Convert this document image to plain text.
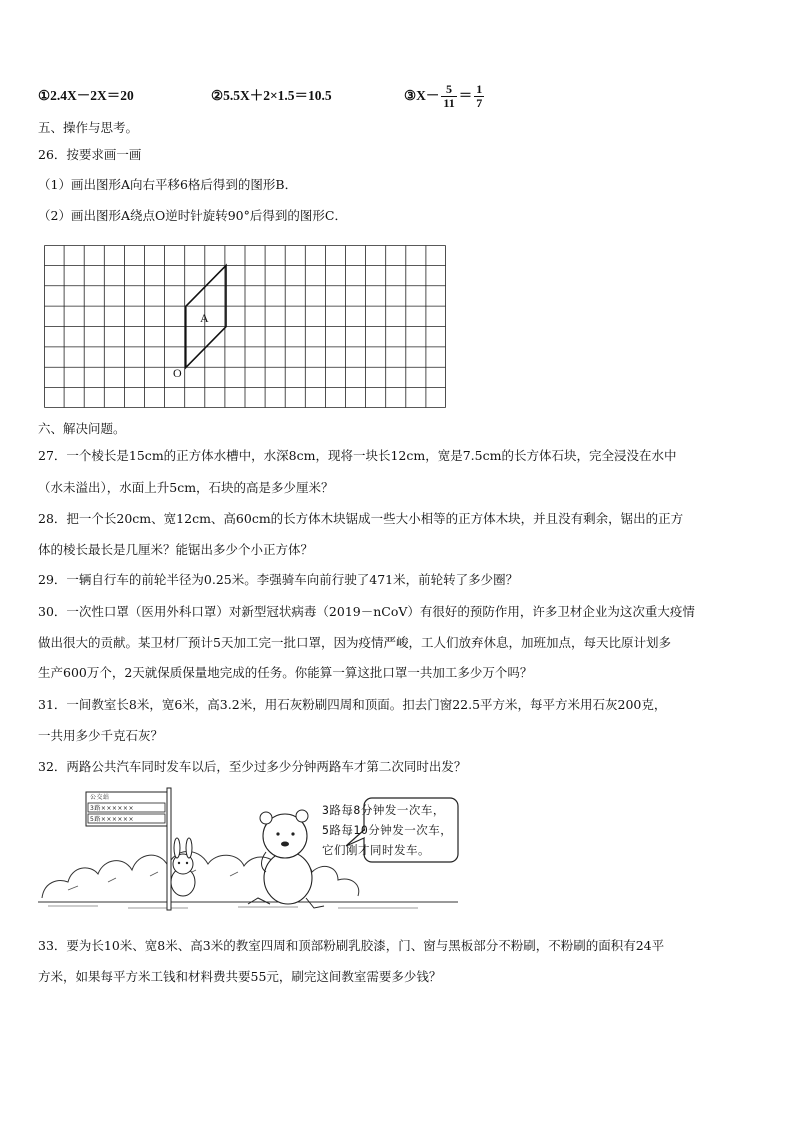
①2.4X－2X＝20	②5.5X＋2×1.5＝10.5	③X－ $\frac{5}{11} = \frac{1}{7}$
五、操作与思考。
26．按要求画一画
（1）画出图形A向右平移6格后得到的图形B．
（2）画出图形A绕点O逆时针旋转90°后得到的图形C．
A
O
六、解决问题。
27．一个棱长是15cm的正方体水槽中，水深8cm，现将一块长12cm，宽是7.5cm的长方体石块，完全浸没在水中
（水未溢出），水面上升5cm，石块的高是多少厘米？
28．把一个长20cm、宽12cm、高60cm的长方体木块锯成一些大小相等的正方体木块，并且没有剩余，锯出的正方
体的棱长最长是几厘米？能锯出多少个小正方体？
29．一辆自行车的前轮半径为0.25米。李强骑车向前行驶了471米，前轮转了多少圈？
30．一次性口罩（医用外科口罩）对新型冠状病毒（2019－nCoV）有很好的预防作用，许多卫材企业为这次重大疫情
做出很大的贡献。某卫材厂预计5天加工完一批口罩，因为疫情严峻，工人们放弃休息，加班加点，每天比原计划多
生产600万个，2天就保质保量地完成的任务。你能算一算这批口罩一共加工多少万个吗？
31．一间教室长8米，宽6米，高3.2米，用石灰粉刷四周和顶面。扣去门窗22.5平方米，每平方米用石灰200克，
一共用多少千克石灰？
32．两路公共汽车同时发车以后，至少过多少分钟两路车才第二次同时出发？
公交站
3路××××××
5路××××××
3路每8分钟发一次车，
5路每10分钟发一次车，
它们刚才同时发车。
33．要为长10米、宽8米、高3米的教室四周和顶部粉刷乳胶漆，门、窗与黑板部分不粉刷，不粉刷的面积有24平
方米，如果每平方米工钱和材料费共要55元，刷完这间教室需要多少钱？
